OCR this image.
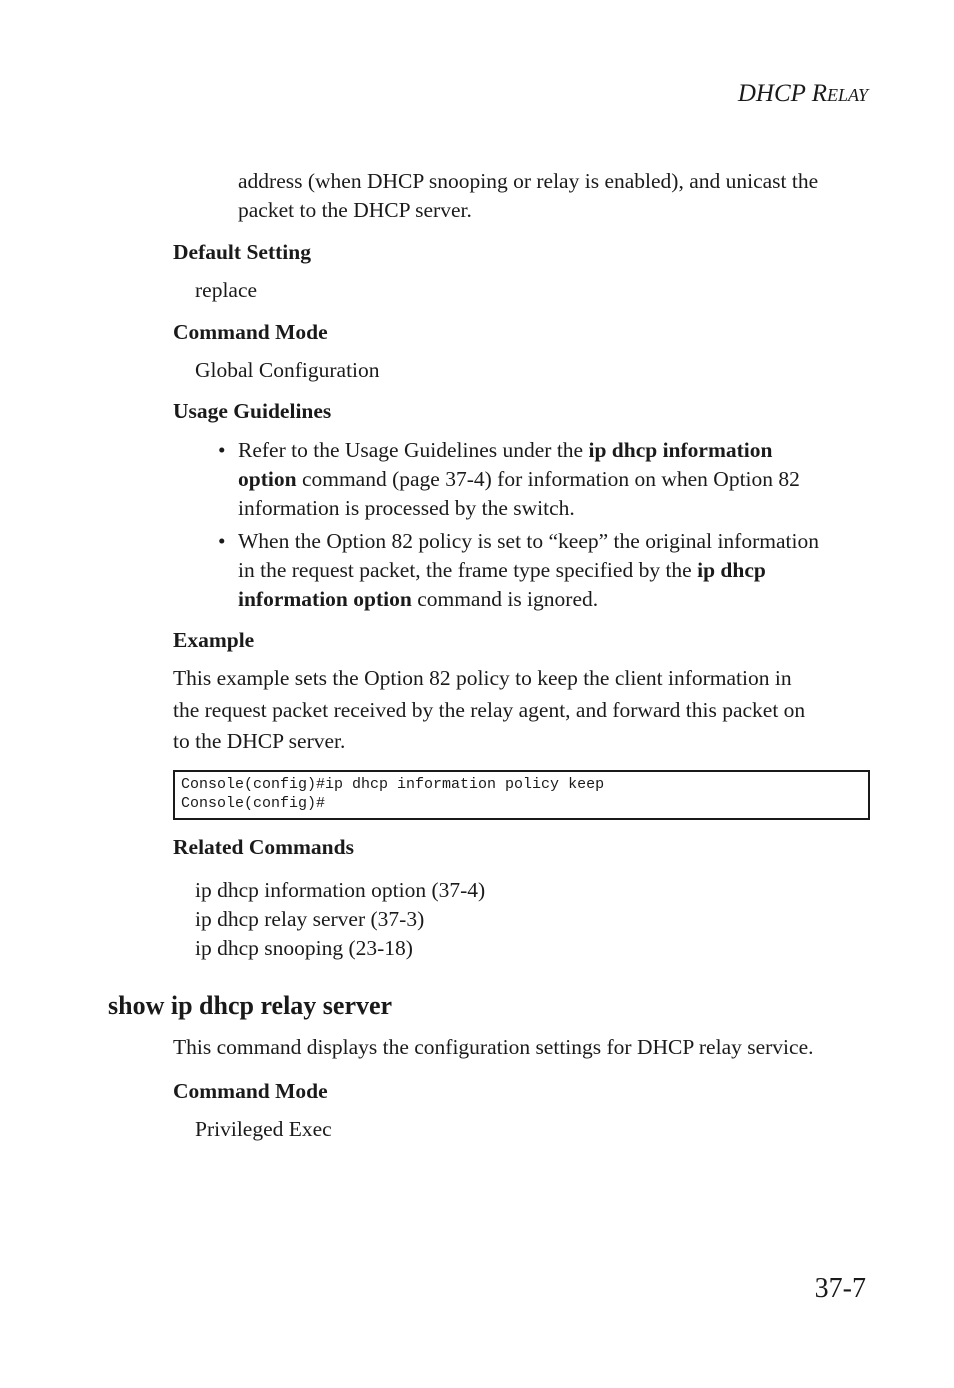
DHCP RELAY
address (when DHCP snooping or relay is enabled), and unicast the
packet to the DHCP server.
Default Setting
replace
Command Mode
Global Configuration
Usage Guidelines
• Refer to the Usage Guidelines under the ip dhcp information
option command (page 37-4) for information on when Option 82
information is processed by the switch.
• When the Option 82 policy is set to “keep” the original information
in the request packet, the frame type specified by the ip dhcp
information option command is ignored.
Example
This example sets the Option 82 policy to keep the client information in
the request packet received by the relay agent, and forward this packet on
to the DHCP server.
Console(config)#ip dhcp information policy keep
Console(config)#
Related Commands
ip dhcp information option (37-4)
ip dhcp relay server (37-3)
ip dhcp snooping (23-18)
show ip dhcp relay server
This command displays the configuration settings for DHCP relay service.
Command Mode
Privileged Exec
37-7
